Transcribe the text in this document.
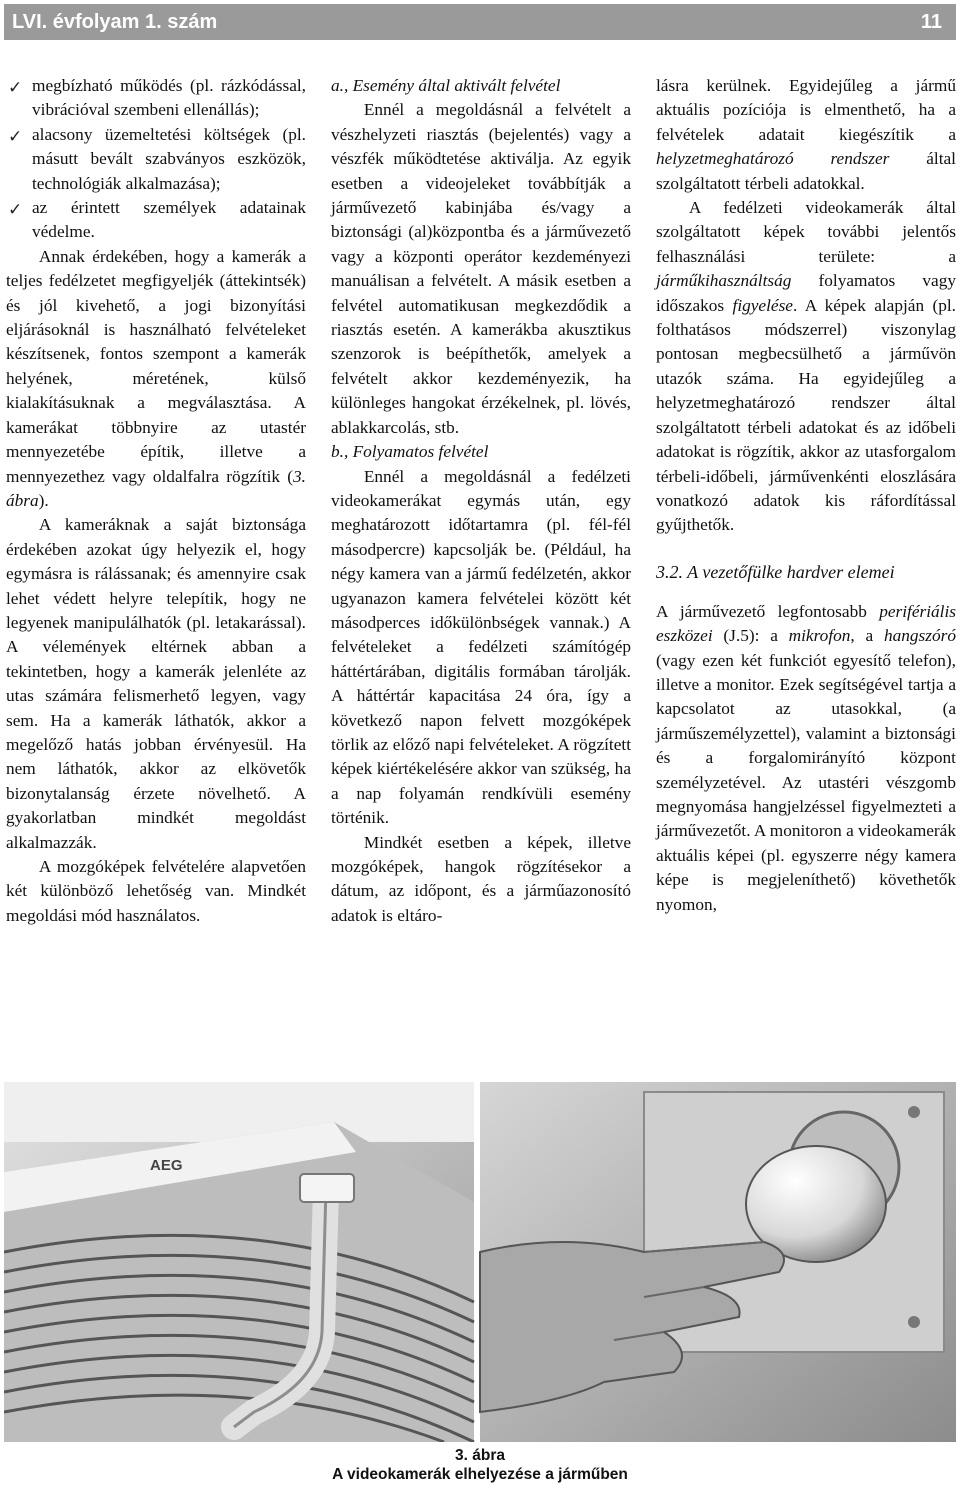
LVI. évfolyam 1. szám	11
✓ megbízható működés (pl. rázkódással, vibrációval szembeni ellenállás);
✓ alacsony üzemeltetési költségek (pl. másutt bevált szabványos eszközök, technológiák alkalmazása);
✓ az érintett személyek adatainak védelme.

Annak érdekében, hogy a kamerák a teljes fedélzetet megfigyeljék (áttekintsék) és jól kivehető, a jogi bizonyítási eljárásoknál is használható felvételeket készítsenek, fontos szempont a kamerák helyének, méretének, külső kialakításuknak a megválasztása. A kamerákat többnyire az utastér mennyezetébe építik, illetve a mennyezethez vagy oldalfalra rögzítik (3. ábra).

A kameráknak a saját biztonsága érdekében azokat úgy helyezik el, hogy egymásra is rálássanak; és amennyire csak lehet védett helyre telepítik, hogy ne legyenek manipulálhatók (pl. letakarással). A vélemények eltérnek abban a tekintetben, hogy a kamerák jelenléte az utas számára felismerhető legyen, vagy sem. Ha a kamerák láthatók, akkor a megelőző hatás jobban érvényesül. Ha nem láthatók, akkor az elkövetők bizonytalanság érzete növelhető. A gyakorlatban mindkét megoldást alkalmazzák.

A mozgóképek felvételére alapvetően két különböző lehetőség van. Mindkét megoldási mód használatos.

a., Esemény által aktivált felvétel

Ennél a megoldásnál a felvételt a vészhelyzeti riasztás (bejelentés) vagy a vészfék működtetése aktiválja. Az egyik esetben a videojeleket továbbítják a járművezető kabinjába és/vagy a biztonsági (al)központba és a járművezető vagy a központi operátor kezdeményezi manuálisan a felvételt. A másik esetben a felvétel automatikusan megkezdődik a riasztás esetén. A kamerákba akusztikus szenzorok is beépíthetők, amelyek a felvételt akkor kezdeményezik, ha különleges hangokat érzékelnek, pl. lövés, ablakkarcolás, stb.

b., Folyamatos felvétel

Ennél a megoldásnál a fedélzeti videokamerákat egymás után, egy meghatározott időtartamra (pl. fél-fél másodpercre) kapcsolják be. (Például, ha négy kamera van a jármű fedélzetén, akkor ugyanazon kamera felvételei között két másodperces időkülönbségek vannak.) A felvételeket a fedélzeti számítógép háttértárában, digitális formában tárolják. A háttértár kapacitása 24 óra, így a következő napon felvett mozgóképek törlik az előző napi felvételeket. A rögzített képek kiértékelésére akkor van szükség, ha a nap folyamán rendkívüli esemény történik.

Mindkét esetben a képek, illetve mozgóképek, hangok rögzítésekor a dátum, az időpont, és a járműazonosító adatok is eltáro-

lásra kerülnek. Egyidejűleg a jármű aktuális pozíciója is elmenthető, ha a felvételek adatait kiegészítik a helyzetmeghatározó rendszer által szolgáltatott térbeli adatokkal.

A fedélzeti videokamerák által szolgáltatott képek további jelentős felhasználási területe: a járműkihasználtság folyamatos vagy időszakos figyelése. A képek alapján (pl. folthatásos módszerrel) viszonylag pontosan megbecsülhető a járművön utazók száma. Ha egyidejűleg a helyzetmeghatározó rendszer által szolgáltatott térbeli adatokat és az időbeli adatokat is rögzítik, akkor az utasforgalom térbeli-időbeli, járművenkénti eloszlására vonatkozó adatok kis ráfordítással gyűjthetők.

3.2. A vezetőfülke hardver elemei

A járművezető legfontosabb perifériális eszközei (J.5): a mikrofon, a hangszóró (vagy ezen két funkciót egyesítő telefon), illetve a monitor. Ezek segítségével tartja a kapcsolatot az utasokkal, (a járműszemélyzettel), valamint a biztonsági és a forgalomirányító központ személyzetével. Az utastéri vészgomb megnyomása hangjelzéssel figyelmezteti a járművezetőt. A monitoron a videokamerák aktuális képei (pl. egyszerre négy kamera képe is megjeleníthető) követhetők nyomon,

AEG
3. ábra
A videokamerák elhelyezése a járműben
